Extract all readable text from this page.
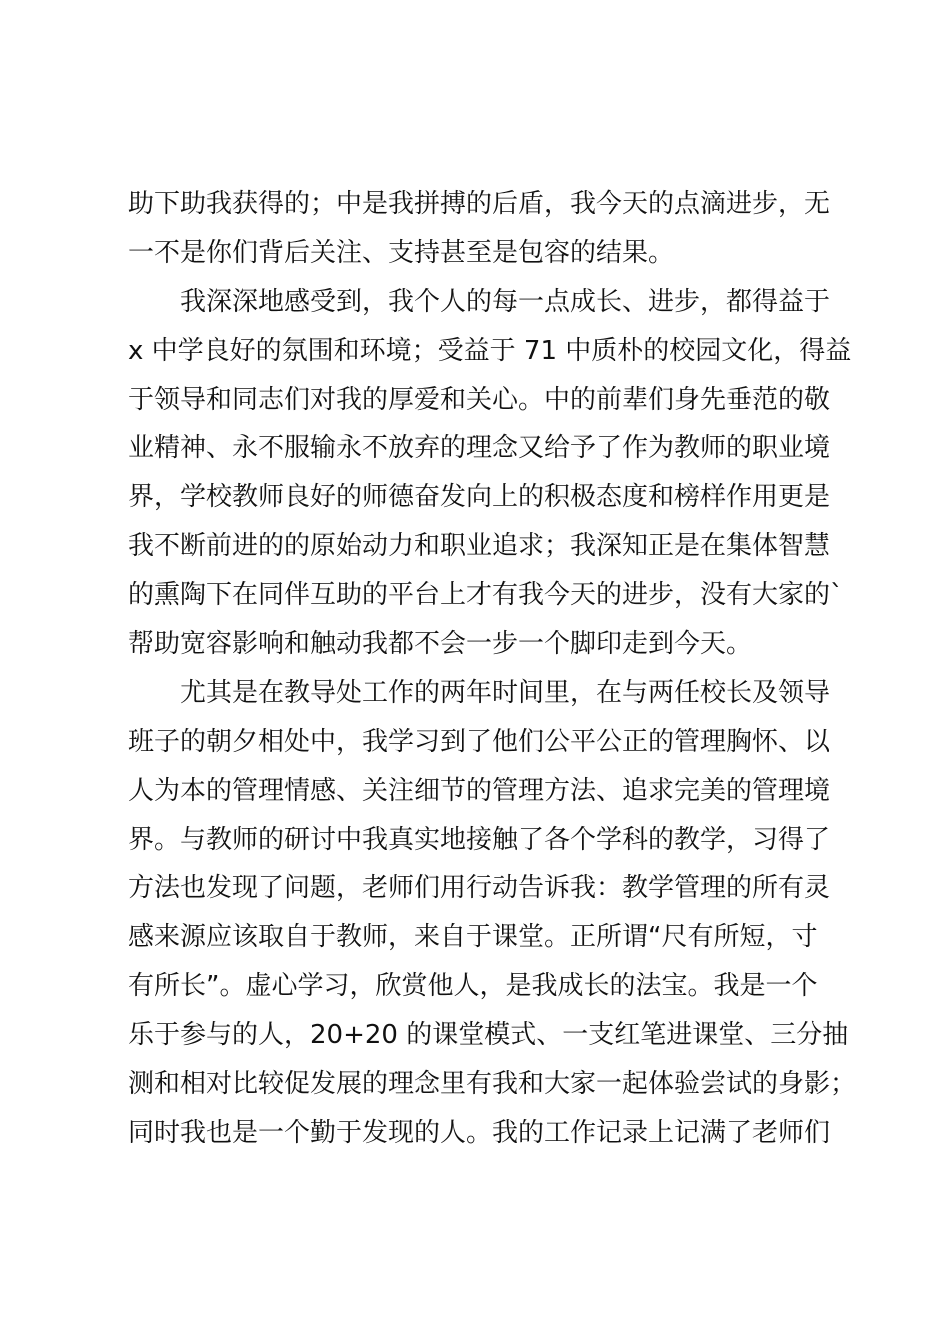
助下助我获得的；中是我拼搏的后盾，我今天的点滴进步，无
一不是你们背后关注、支持甚至是包容的结果。
　　我深深地感受到，我个人的每一点成长、进步，都得益于
x 中学良好的氛围和环境；受益于 71 中质朴的校园文化，得益
于领导和同志们对我的厚爱和关心。中的前辈们身先垂范的敬
业精神、永不服输永不放弃的理念又给予了作为教师的职业境
界，学校教师良好的师德奋发向上的积极态度和榜样作用更是
我不断前进的的原始动力和职业追求；我深知正是在集体智慧
的熏陶下在同伴互助的平台上才有我今天的进步，没有大家的`
帮助宽容影响和触动我都不会一步一个脚印走到今天。
　　尤其是在教导处工作的两年时间里，在与两任校长及领导
班子的朝夕相处中，我学习到了他们公平公正的管理胸怀、以
人为本的管理情感、关注细节的管理方法、追求完美的管理境
界。与教师的研讨中我真实地接触了各个学科的教学，习得了
方法也发现了问题，老师们用行动告诉我：教学管理的所有灵
感来源应该取自于教师，来自于课堂。正所谓“尺有所短，寸
有所长”。虚心学习，欣赏他人，是我成长的法宝。我是一个
乐于参与的人，20+20 的课堂模式、一支红笔进课堂、三分抽
测和相对比较促发展的理念里有我和大家一起体验尝试的身影；
同时我也是一个勤于发现的人。我的工作记录上记满了老师们
